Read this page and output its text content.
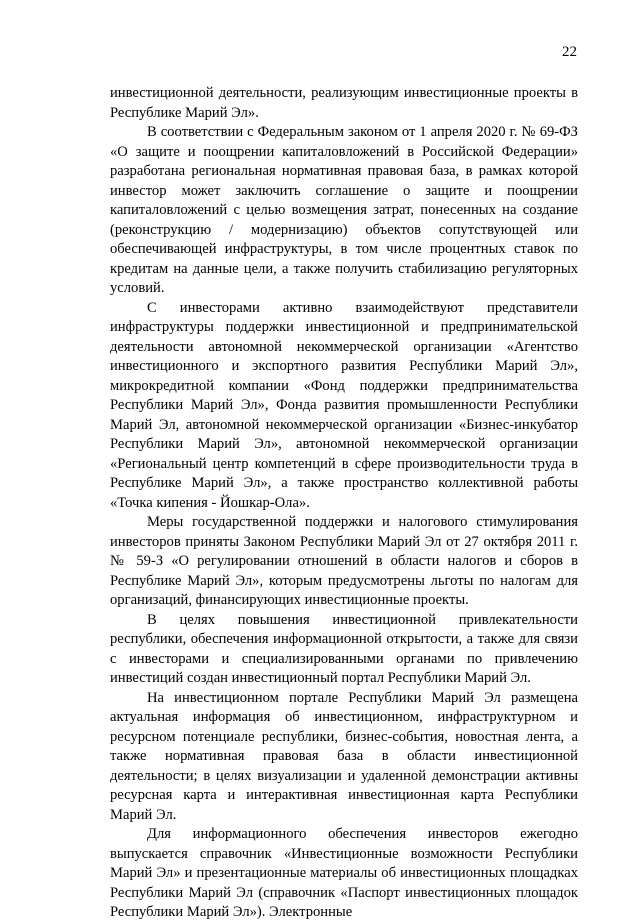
22

инвестиционной деятельности, реализующим инвестиционные проекты в Республике Марий Эл».

В соответствии с Федеральным законом от 1 апреля 2020 г. № 69-ФЗ «О защите и поощрении капиталовложений в Российской Федерации» разработана региональная нормативная правовая база, в рамках которой инвестор может заключить соглашение о защите и поощрении капиталовложений с целью возмещения затрат, понесенных на создание (реконструкцию / модернизацию) объектов сопутствующей или обеспечивающей инфраструктуры, в том числе процентных ставок по кредитам на данные цели, а также получить стабилизацию регуляторных условий.

С инвесторами активно взаимодействуют представители инфраструктуры поддержки инвестиционной и предпринимательской деятельности автономной некоммерческой организации «Агентство инвестиционного и экспортного развития Республики Марий Эл», микрокредитной компании «Фонд поддержки предпринимательства Республики Марий Эл», Фонда развития промышленности Республики Марий Эл, автономной некоммерческой организации «Бизнес-инкубатор Республики Марий Эл», автономной некоммерческой организации «Региональный центр компетенций в сфере производительности труда в Республике Марий Эл», а также пространство коллективной работы «Точка кипения - Йошкар-Ола».

Меры государственной поддержки и налогового стимулирования инвесторов приняты Законом Республики Марий Эл от 27 октября 2011 г. № 59-З «О регулировании отношений в области налогов и сборов в Республике Марий Эл», которым предусмотрены льготы по налогам для организаций, финансирующих инвестиционные проекты.

В целях повышения инвестиционной привлекательности республики, обеспечения информационной открытости, а также для связи с инвесторами и специализированными органами по привлечению инвестиций создан инвестиционный портал Республики Марий Эл.

На инвестиционном портале Республики Марий Эл размещена актуальная информация об инвестиционном, инфраструктурном и ресурсном потенциале республики, бизнес-события, новостная лента, а также нормативная правовая база в области инвестиционной деятельности; в целях визуализации и удаленной демонстрации активны ресурсная карта и интерактивная инвестиционная карта Республики Марий Эл.

Для информационного обеспечения инвесторов ежегодно выпускается справочник «Инвестиционные возможности Республики Марий Эл» и презентационные материалы об инвестиционных площадках Республики Марий Эл (справочник «Паспорт инвестиционных площадок Республики Марий Эл»). Электронные
